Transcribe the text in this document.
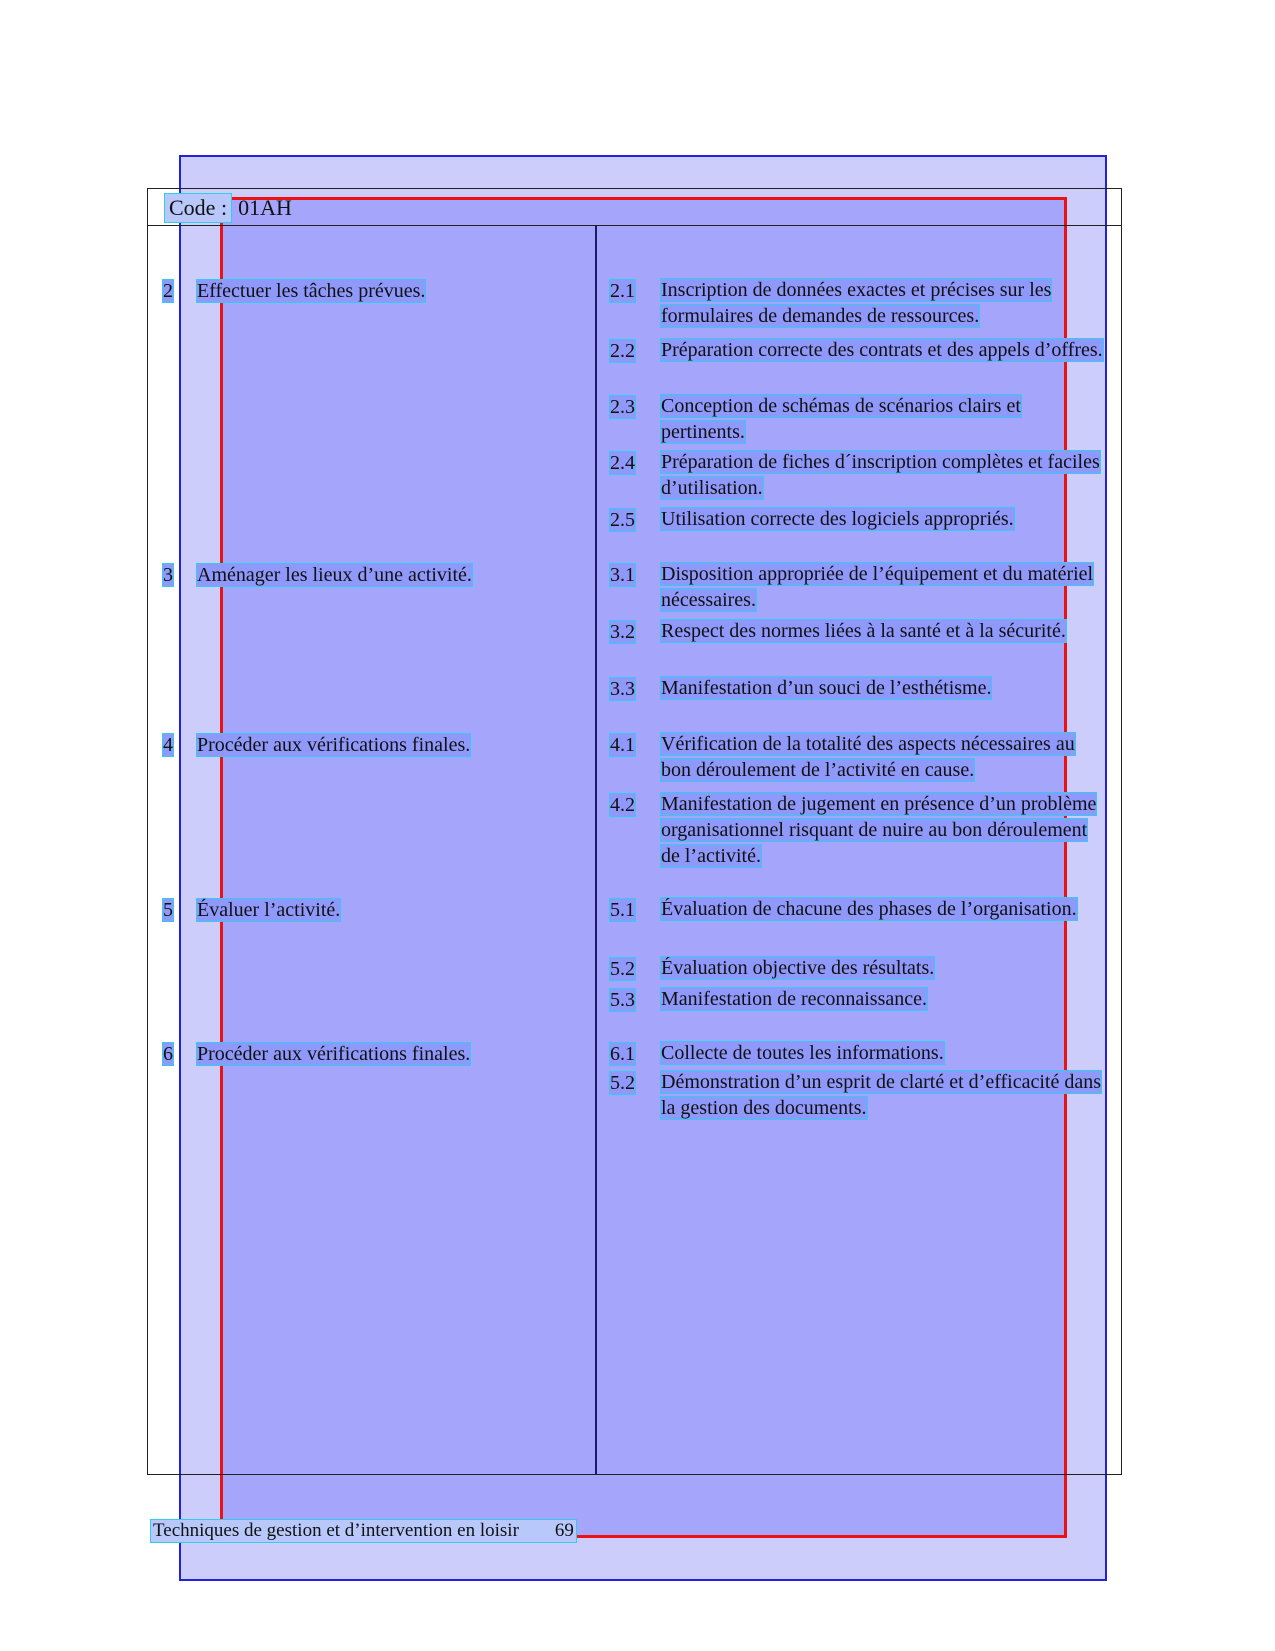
Code : 01AH
2 Effectuer les tâches prévues.
3 Aménager les lieux d’une activité.
4 Procéder aux vérifications finales.
5 Évaluer l’activité.
6 Procéder aux vérifications finales.
2.1 Inscription de données exactes et précises sur les formulaires de demandes de ressources.
2.2 Préparation correcte des contrats et des appels d’offres.
2.3 Conception de schémas de scénarios clairs et pertinents.
2.4 Préparation de fiches d´inscription complètes et faciles d’utilisation.
2.5 Utilisation correcte des logiciels appropriés.
3.1 Disposition appropriée de l’équipement et du matériel nécessaires.
3.2 Respect des normes liées à la santé et à la sécurité.
3.3 Manifestation d’un souci de l’esthétisme.
4.1 Vérification de la totalité des aspects nécessaires au bon déroulement de l’activité en cause.
4.2 Manifestation de jugement en présence d’un problème organisationnel risquant de nuire au bon déroulement de l’activité.
5.1 Évaluation de chacune des phases de l’organisation.
5.2 Évaluation objective des résultats.
5.3 Manifestation de reconnaissance.
6.1 Collecte de toutes les informations.
5.2 Démonstration d’un esprit de clarté et d’efficacité dans la gestion des documents.
Techniques de gestion et d’intervention en loisir 69
